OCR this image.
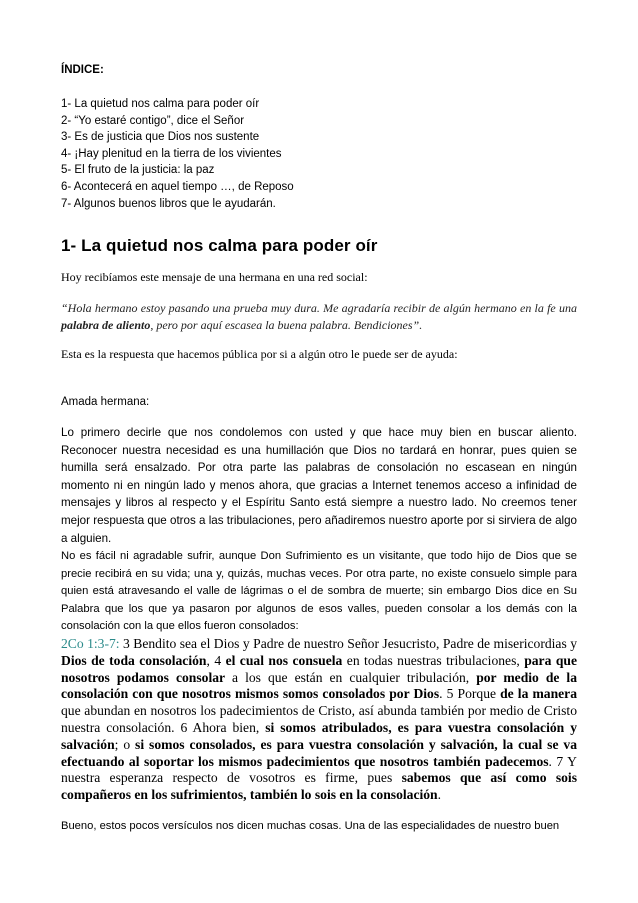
ÍNDICE:
1- La quietud nos calma para poder oír
2- “Yo estaré contigo”, dice el Señor
3- Es de justicia que Dios nos sustente
4- ¡Hay plenitud en la tierra de los vivientes
5- El fruto de la justicia: la paz
6- Acontecerá en aquel tiempo …, de Reposo
7- Algunos buenos libros que le ayudarán.
1- La quietud nos calma para poder oír

Hoy recibíamos este mensaje de una hermana en una red social:

“Hola hermano estoy pasando una prueba muy dura. Me agradaría recibir de algún hermano en la fe una palabra de aliento, pero por aquí escasea la buena palabra. Bendiciones”.

Esta es la respuesta que hacemos pública por si a algún otro le puede ser de ayuda:

Amada hermana:

Lo primero decirle que nos condolemos con usted y que hace muy bien en buscar aliento. Reconocer nuestra necesidad es una humillación que Dios no tardará en honrar, pues quien se humilla será ensalzado. Por otra parte las palabras de consolación no escasean en ningún momento ni en ningún lado y menos ahora, que gracias a Internet tenemos acceso a infinidad de mensajes y libros al respecto y el Espíritu Santo está siempre a nuestro lado. No creemos tener mejor respuesta que otros a las tribulaciones, pero añadiremos nuestro aporte por si sirviera de algo a alguien.

No es fácil ni agradable sufrir, aunque Don Sufrimiento es un visitante, que todo hijo de Dios que se precie recibirá en su vida; una y, quizás, muchas veces. Por otra parte, no existe consuelo simple para quien está atravesando el valle de lágrimas o el de sombra de muerte; sin embargo Dios dice en Su Palabra que los que ya pasaron por algunos de esos valles, pueden consolar a los demás con la consolación con la que ellos fueron consolados:

2Co 1:3-7: 3 Bendito sea el Dios y Padre de nuestro Señor Jesucristo, Padre de misericordias y Dios de toda consolación, 4 el cual nos consuela en todas nuestras tribulaciones, para que nosotros podamos consolar a los que están en cualquier tribulación, por medio de la consolación con que nosotros mismos somos consolados por Dios. 5 Porque de la manera que abundan en nosotros los padecimientos de Cristo, así abunda también por medio de Cristo nuestra consolación. 6 Ahora bien, si somos atribulados, es para vuestra consolación y salvación; o si somos consolados, es para vuestra consolación y salvación, la cual se va efectuando al soportar los mismos padecimientos que nosotros también padecemos. 7 Y nuestra esperanza respecto de vosotros es firme, pues sabemos que así como sois compañeros en los sufrimientos, también lo sois en la consolación.

Bueno, estos pocos versículos nos dicen muchas cosas. Una de las especialidades de nuestro buen
